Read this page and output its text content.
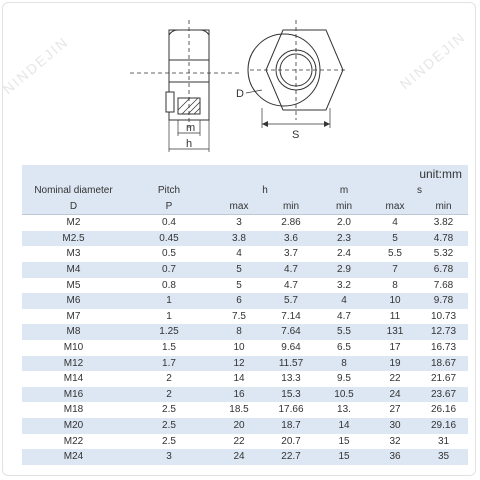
NINDEJIN	NINDEJIN
m
h
D
S
unit:mm
Nominal diameter	Pitch	h		m	s	
D	P	max	min	min	max	min
M2	0.4	3	2.86	2.0	4	3.82
M2.5	0.45	3.8	3.6	2.3	5	4.78
M3	0.5	4	3.7	2.4	5.5	5.32
M4	0.7	5	4.7	2.9	7	6.78
M5	0.8	5	4.7	3.2	8	7.68
M6	1	6	5.7	4	10	9.78
M7	1	7.5	7.14	4.7	11	10.73
M8	1.25	8	7.64	5.5	131	12.73
M10	1.5	10	9.64	6.5	17	16.73
M12	1.7	12	11.57	8	19	18.67
M14	2	14	13.3	9.5	22	21.67
M16	2	16	15.3	10.5	24	23.67
M18	2.5	18.5	17.66	13.	27	26.16
M20	2.5	20	18.7	14	30	29.16
M22	2.5	22	20.7	15	32	31
M24	3	24	22.7	15	36	35
